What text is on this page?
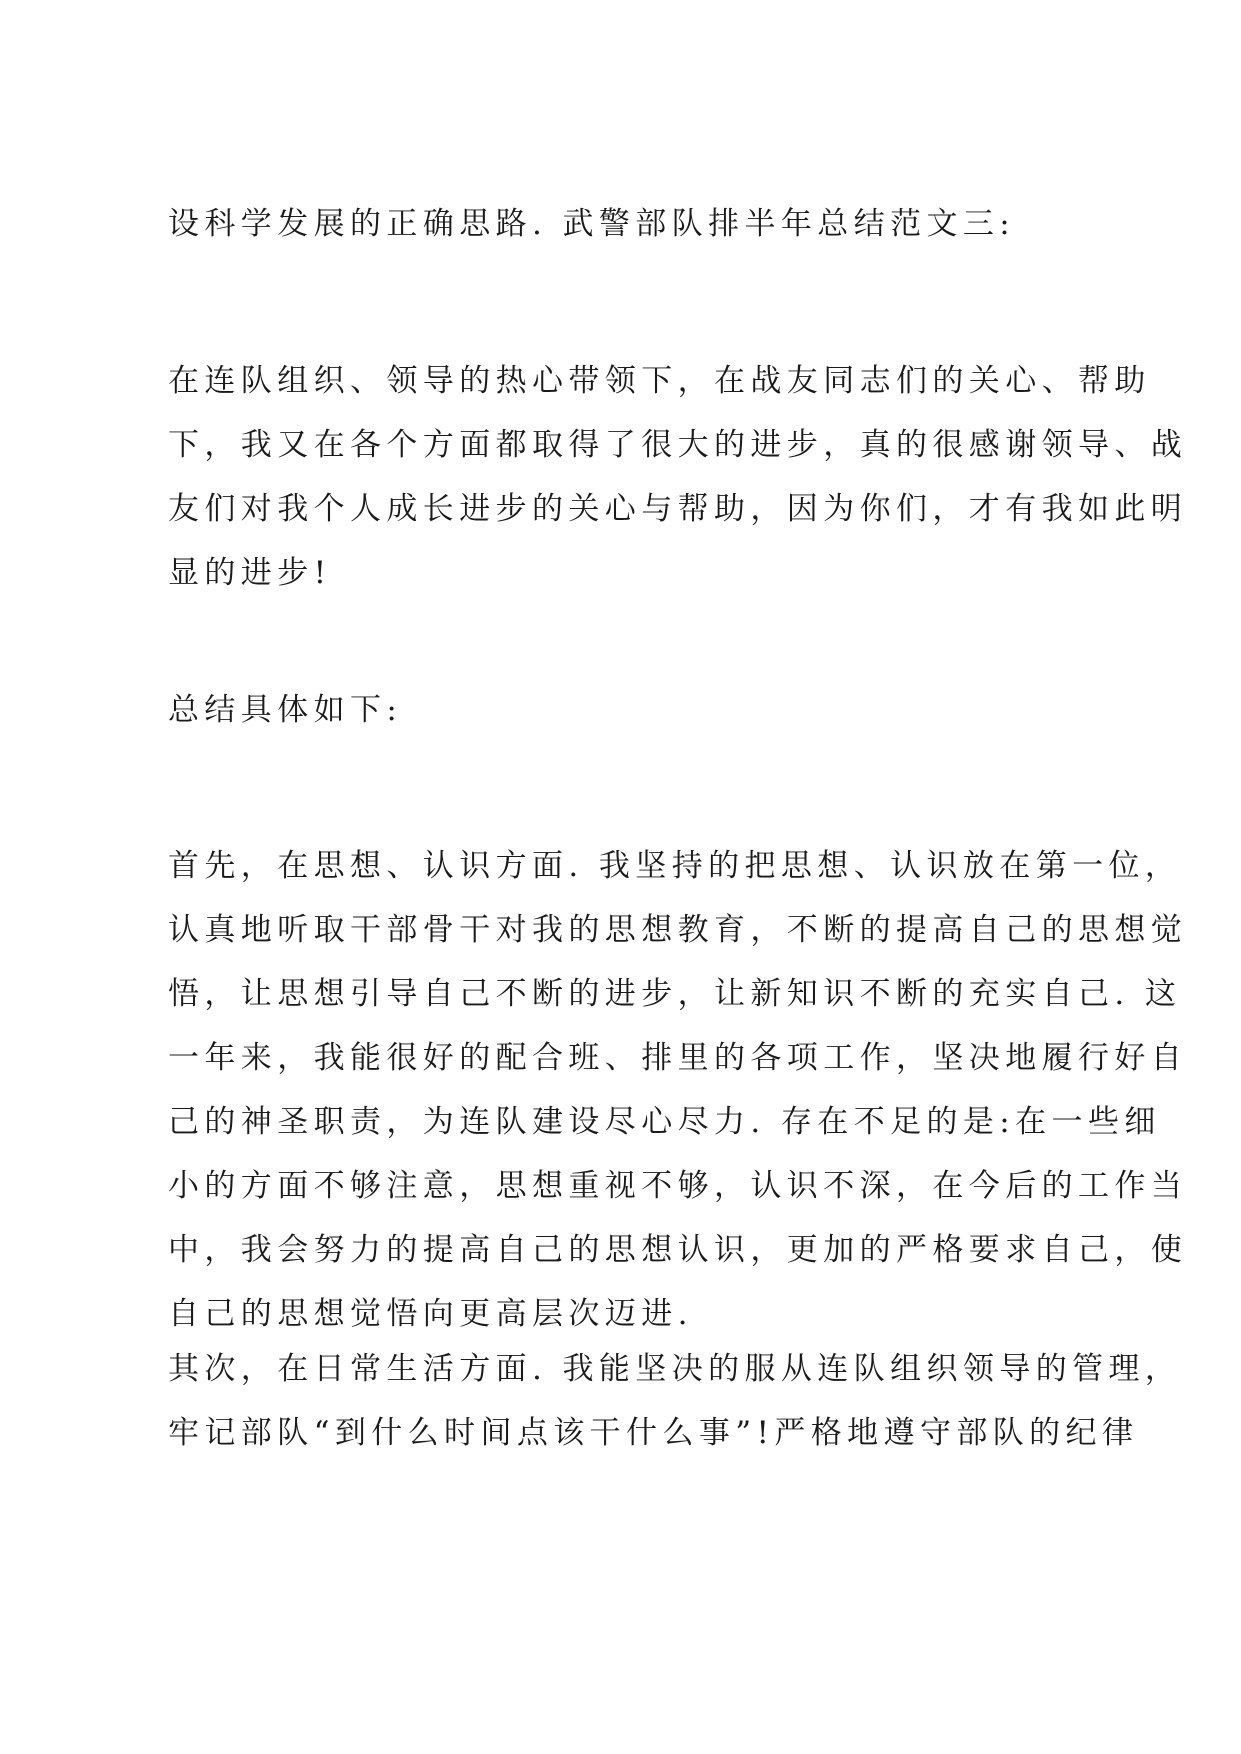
设科学发展的正确思路. 武警部队排半年总结范文三:

在连队组织、领导的热心带领下，在战友同志们的关心、帮助
下，我又在各个方面都取得了很大的进步，真的很感谢领导、战
友们对我个人成长进步的关心与帮助，因为你们，才有我如此明
显的进步!

总结具体如下:

首先，在思想、认识方面. 我坚持的把思想、认识放在第一位，
认真地听取干部骨干对我的思想教育，不断的提高自己的思想觉
悟，让思想引导自己不断的进步，让新知识不断的充实自己. 这
一年来，我能很好的配合班、排里的各项工作，坚决地履行好自
己的神圣职责，为连队建设尽心尽力. 存在不足的是:在一些细
小的方面不够注意，思想重视不够，认识不深，在今后的工作当
中，我会努力的提高自己的思想认识，更加的严格要求自己，使
自己的思想觉悟向更高层次迈进.

其次，在日常生活方面. 我能坚决的服从连队组织领导的管理，
牢记部队“到什么时间点该干什么事”!严格地遵守部队的纪律
